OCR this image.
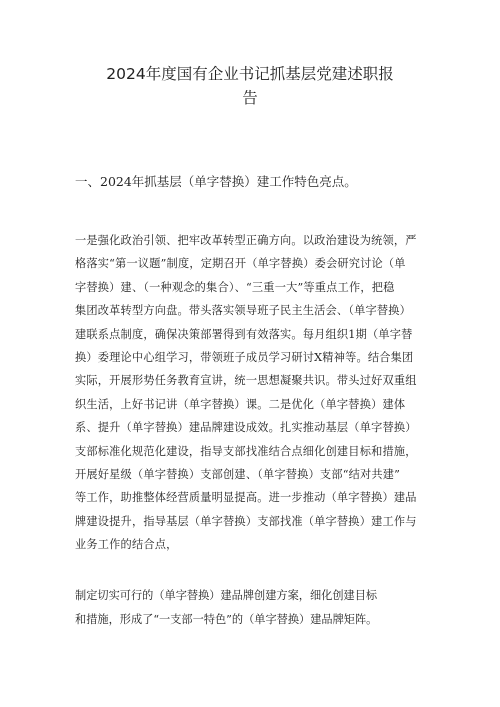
2024年度国有企业书记抓基层党建述职报
告
一、2024年抓基层（单字替换）建工作特色亮点。
一是强化政治引领、把牢改革转型正确方向。以政治建设为统领，严
格落实“第一议题”制度，定期召开（单字替换）委会研究讨论（单
字替换）建、（一种观念的集合）、“三重一大”等重点工作，把稳
集团改革转型方向盘。带头落实领导班子民主生活会、（单字替换）
建联系点制度，确保决策部署得到有效落实。每月组织1期（单字替
换）委理论中心组学习，带领班子成员学习研讨X精神等。结合集团
实际，开展形势任务教育宣讲，统一思想凝聚共识。带头过好双重组
织生活，上好书记讲（单字替换）课。二是优化（单字替换）建体
系、提升（单字替换）建品牌建设成效。扎实推动基层（单字替换）
支部标准化规范化建设，指导支部找准结合点细化创建目标和措施，
开展好星级（单字替换）支部创建、（单字替换）支部“结对共建”
等工作，助推整体经营质量明显提高。进一步推动（单字替换）建品
牌建设提升，指导基层（单字替换）支部找准（单字替换）建工作与
业务工作的结合点，
制定切实可行的（单字替换）建品牌创建方案，细化创建目标
和措施，形成了“一支部一特色”的（单字替换）建品牌矩阵。
